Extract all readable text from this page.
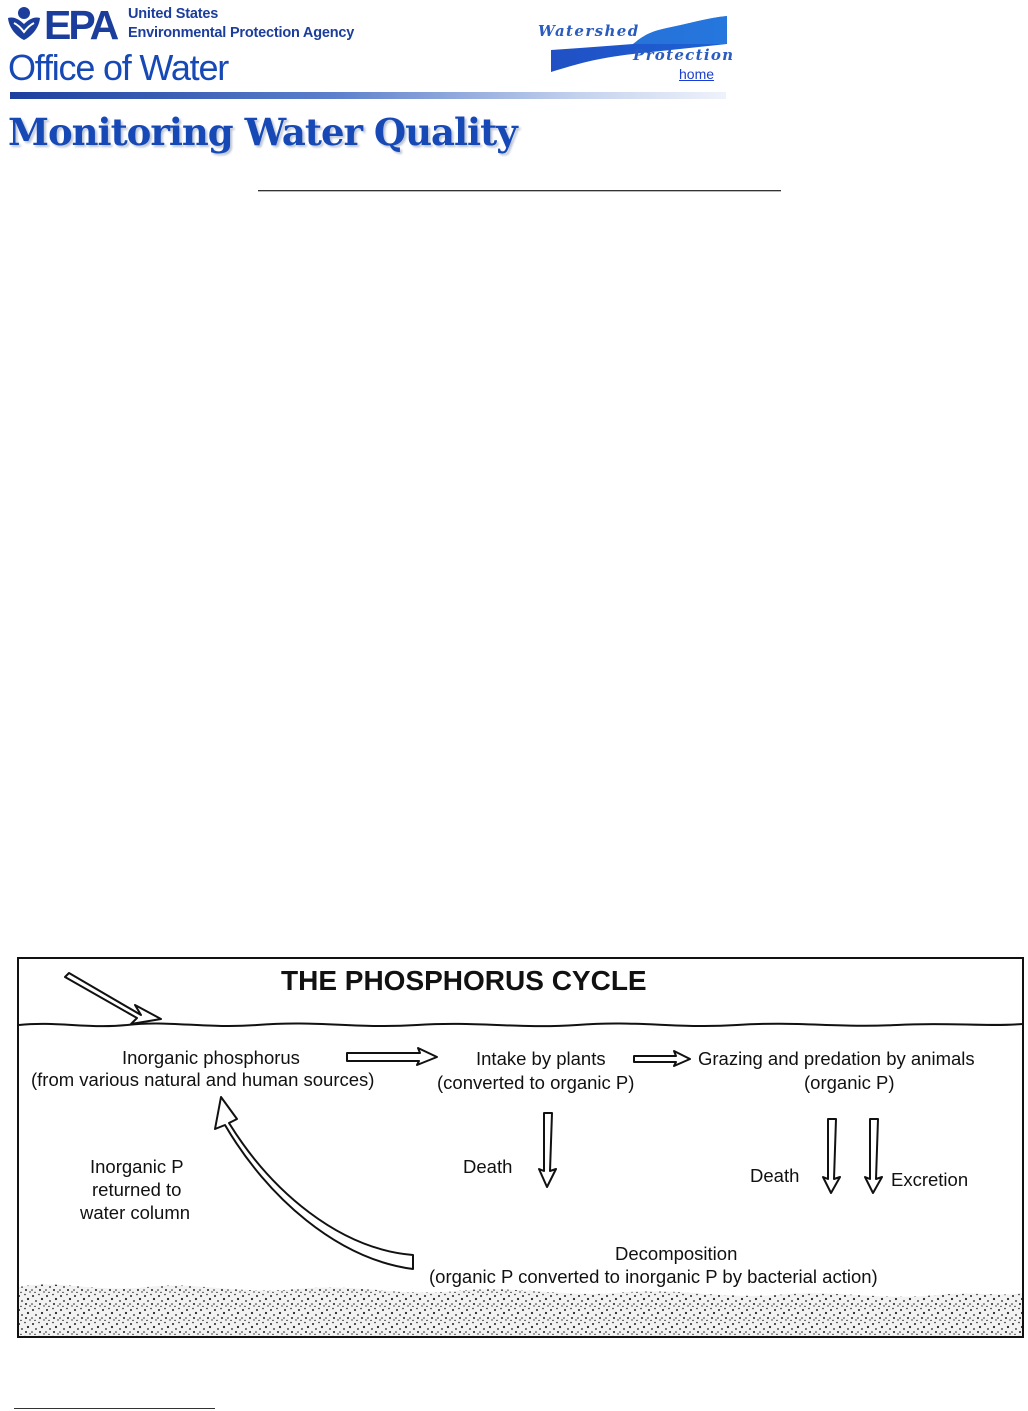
EPA United States
Environmental Protection Agency
Office of Water
Watershed
Protection
home
Monitoring Water Quality
THE PHOSPHORUS CYCLE
Inorganic phosphorus
(from various natural and human sources)
Intake by plants
(converted to organic P)
Grazing and predation by animals
(organic P)
Death	Death	Excretion
Inorganic P
returned to
water column
Decomposition
(organic P converted to inorganic P by bacterial action)
